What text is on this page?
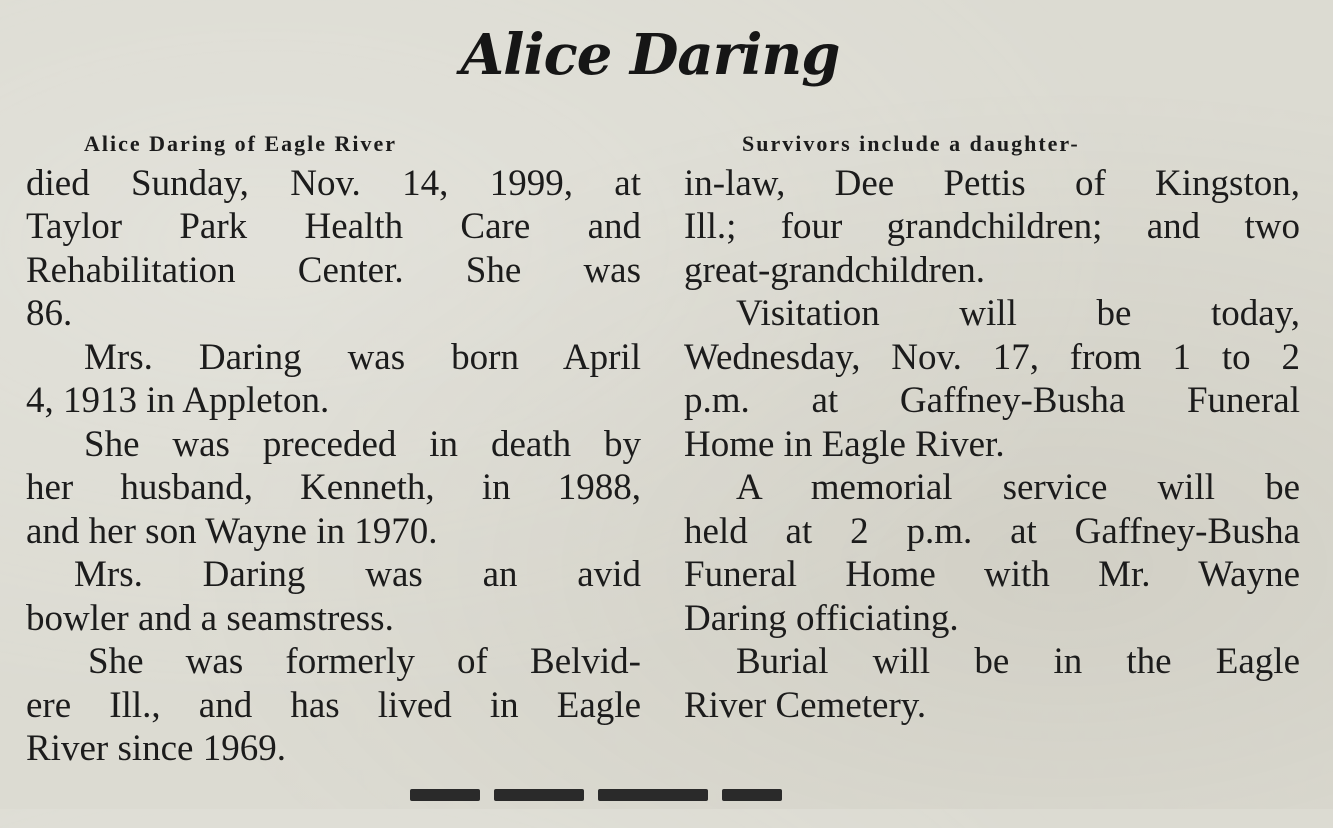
Alice Daring
Alice Daring of Eagle River
died Sunday, Nov. 14, 1999, at
Taylor Park Health Care and
Rehabilitation Center. She was
86.
Mrs. Daring was born April
4, 1913 in Appleton.
She was preceded in death by
her husband, Kenneth, in 1988,
and her son Wayne in 1970.
Mrs. Daring was an avid
bowler and a seamstress.
She was formerly of Belvid-
ere Ill., and has lived in Eagle
River since 1969.
Survivors include a daughter-
in-law, Dee Pettis of Kingston,
Ill.; four grandchildren; and two
great-grandchildren.
Visitation will be today,
Wednesday, Nov. 17, from 1 to 2
p.m. at Gaffney-Busha Funeral
Home in Eagle River.
A memorial service will be
held at 2 p.m. at Gaffney-Busha
Funeral Home with Mr. Wayne
Daring officiating.
Burial will be in the Eagle
River Cemetery.
